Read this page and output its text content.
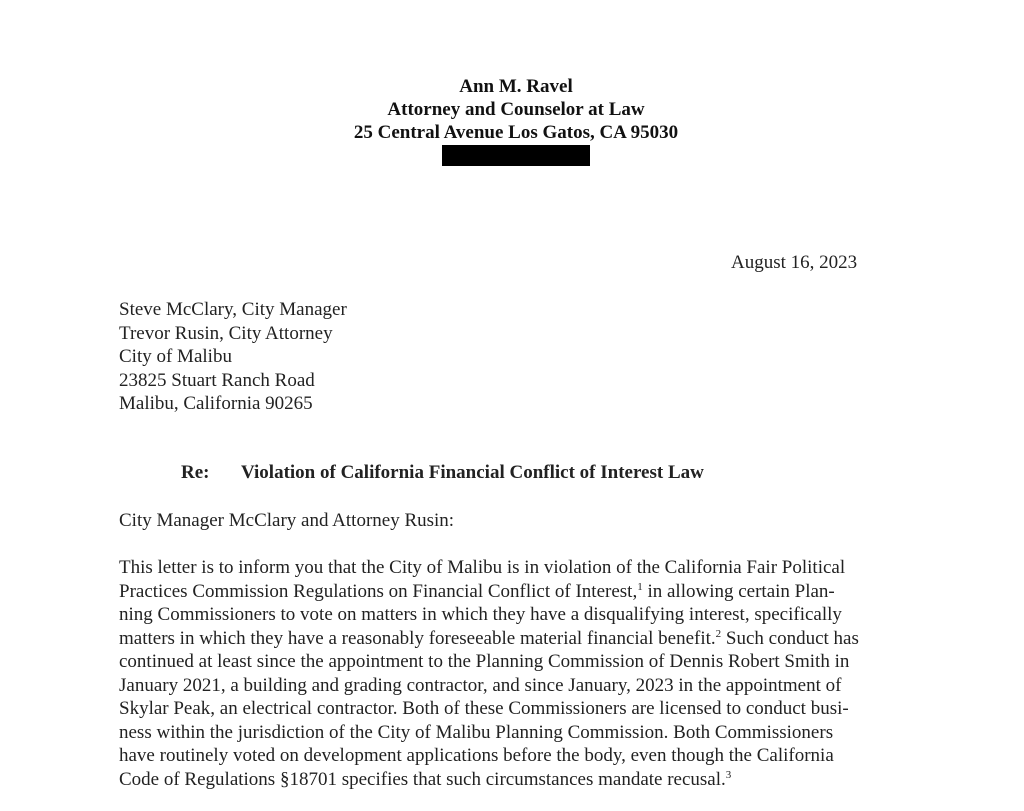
Ann M. Ravel
Attorney and Counselor at Law
25 Central Avenue Los Gatos, CA 95030
August 16, 2023
Steve McClary, City Manager
Trevor Rusin, City Attorney
City of Malibu
23825 Stuart Ranch Road
Malibu, California 90265
Re: Violation of California Financial Conflict of Interest Law
City Manager McClary and Attorney Rusin:
This letter is to inform you that the City of Malibu is in violation of the California Fair Political
Practices Commission Regulations on Financial Conflict of Interest,$^1$ in allowing certain Plan-
ning Commissioners to vote on matters in which they have a disqualifying interest, specifically
matters in which they have a reasonably foreseeable material financial benefit.$^2$ Such conduct has
continued at least since the appointment to the Planning Commission of Dennis Robert Smith in
January 2021, a building and grading contractor, and since January, 2023 in the appointment of
Skylar Peak, an electrical contractor. Both of these Commissioners are licensed to conduct busi-
ness within the jurisdiction of the City of Malibu Planning Commission. Both Commissioners
have routinely voted on development applications before the body, even though the California
Code of Regulations §18701 specifies that such circumstances mandate recusal.$^3$
